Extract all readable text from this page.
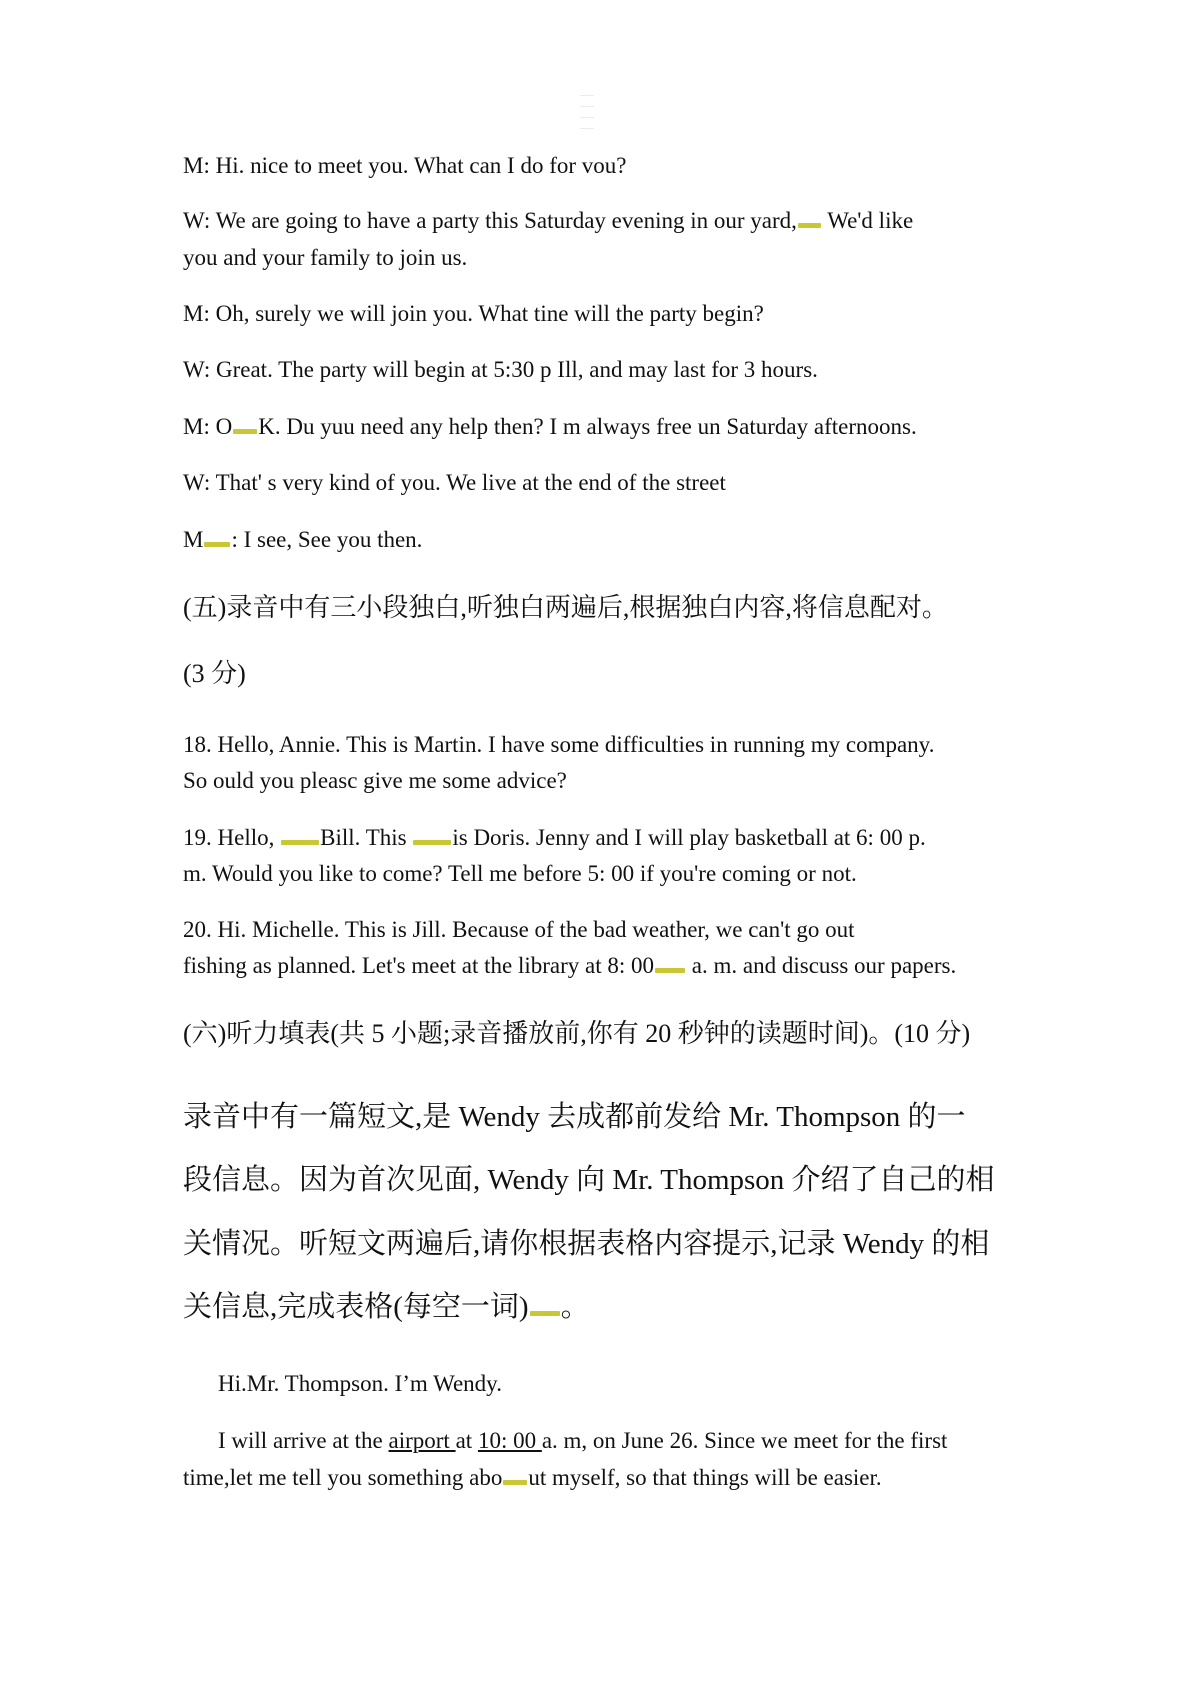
——
——
——
——

M: Hi. nice to meet you. What can I do for vou?

W: We are going to have a party this Saturday evening in our yard, We'd like

you and your family to join us.

M: Oh, surely we will join you. What tine will the party begin?

W: Great. The party will begin at 5:30 p Ill, and may last for 3 hours.

M: O K. Du yuu need any help then? I m always free un Saturday afternoons.

W: That' s very kind of you. We live at the end of the street

M : I see, See you then.

(五)录音中有三小段独白,听独白两遍后,根据独白内容,将信息配对。

(3 分)

18. Hello, Annie. This is Martin. I have some difficulties in running my company.

So ould you pleasc give me some advice?

19. Hello, Bill. This is Doris. Jenny and I will play basketball at 6: 00 p.

m. Would you like to come? Tell me before 5: 00 if you're coming or not.

20. Hi. Michelle. This is Jill. Because of the bad weather, we can't go out

fishing as planned. Let's meet at the library at 8: 00 a. m. and discuss our papers.

(六)听力填表(共 5 小题;录音播放前,你有 20 秒钟的读题时间)。(10 分)

录音中有一篇短文,是 Wendy 去成都前发给 Mr. Thompson 的一

段信息。因为首次见面, Wendy 向 Mr. Thompson 介绍了自己的相

关情况。听短文两遍后,请你根据表格内容提示,记录 Wendy 的相

关信息,完成表格(每空一词) 。

Hi.Mr. Thompson. I’m Wendy.

I will arrive at the airport at 10: 00 a. m, on June 26. Since we meet for the first

time,let me tell you something abo ut myself, so that things will be easier.
